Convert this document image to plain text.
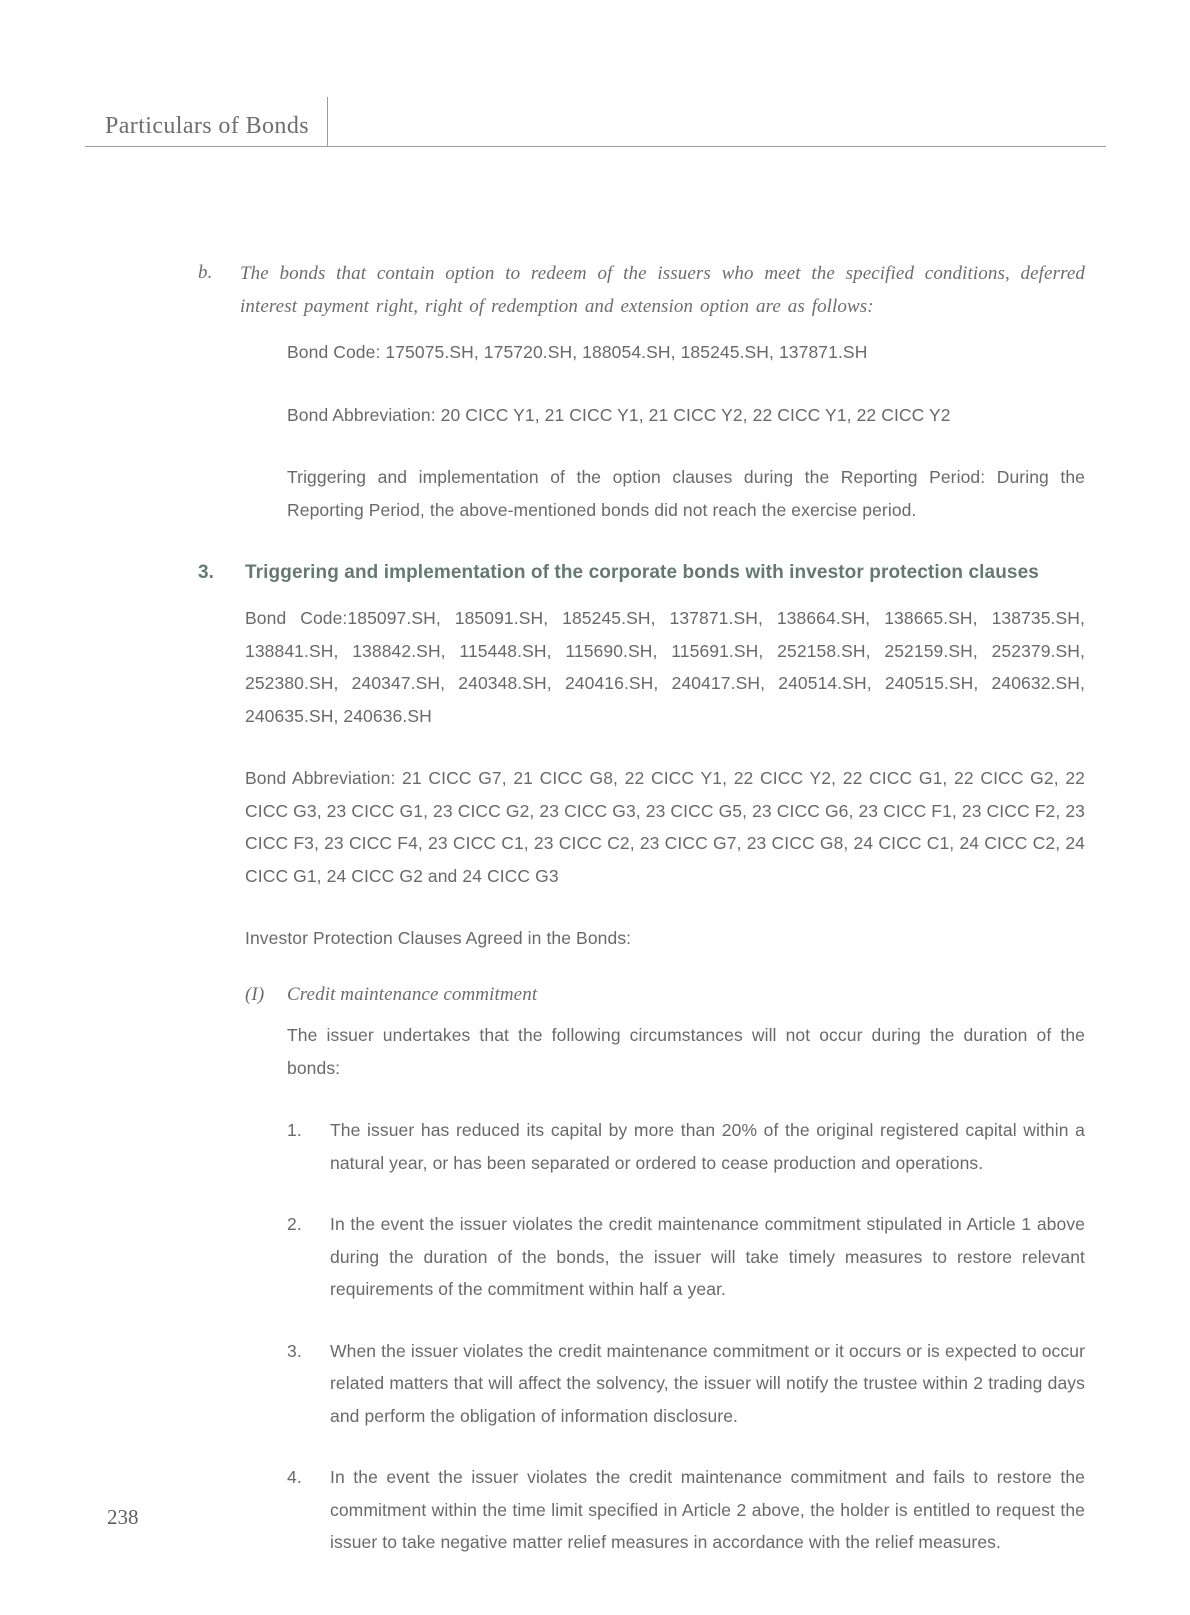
Particulars of Bonds
b.	The bonds that contain option to redeem of the issuers who meet the specified conditions, deferred interest payment right, right of redemption and extension option are as follows:

Bond Code: 175075.SH, 175720.SH, 188054.SH, 185245.SH, 137871.SH

Bond Abbreviation: 20 CICC Y1, 21 CICC Y1, 21 CICC Y2, 22 CICC Y1, 22 CICC Y2

Triggering and implementation of the option clauses during the Reporting Period: During the Reporting Period, the above-mentioned bonds did not reach the exercise period.

3.	Triggering and implementation of the corporate bonds with investor protection clauses

Bond Code:185097.SH, 185091.SH, 185245.SH, 137871.SH, 138664.SH, 138665.SH, 138735.SH, 138841.SH, 138842.SH, 115448.SH, 115690.SH, 115691.SH, 252158.SH, 252159.SH, 252379.SH, 252380.SH, 240347.SH, 240348.SH, 240416.SH, 240417.SH, 240514.SH, 240515.SH, 240632.SH, 240635.SH, 240636.SH

Bond Abbreviation: 21 CICC G7, 21 CICC G8, 22 CICC Y1, 22 CICC Y2, 22 CICC G1, 22 CICC G2, 22 CICC G3, 23 CICC G1, 23 CICC G2, 23 CICC G3, 23 CICC G5, 23 CICC G6, 23 CICC F1, 23 CICC F2, 23 CICC F3, 23 CICC F4, 23 CICC C1, 23 CICC C2, 23 CICC G7, 23 CICC G8, 24 CICC C1, 24 CICC C2, 24 CICC G1, 24 CICC G2 and 24 CICC G3

Investor Protection Clauses Agreed in the Bonds:

(I)	Credit maintenance commitment

The issuer undertakes that the following circumstances will not occur during the duration of the bonds:

1.	The issuer has reduced its capital by more than 20% of the original registered capital within a natural year, or has been separated or ordered to cease production and operations.

2.	In the event the issuer violates the credit maintenance commitment stipulated in Article 1 above during the duration of the bonds, the issuer will take timely measures to restore relevant requirements of the commitment within half a year.

3.	When the issuer violates the credit maintenance commitment or it occurs or is expected to occur related matters that will affect the solvency, the issuer will notify the trustee within 2 trading days and perform the obligation of information disclosure.

4.	In the event the issuer violates the credit maintenance commitment and fails to restore the commitment within the time limit specified in Article 2 above, the holder is entitled to request the issuer to take negative matter relief measures in accordance with the relief measures.

238
